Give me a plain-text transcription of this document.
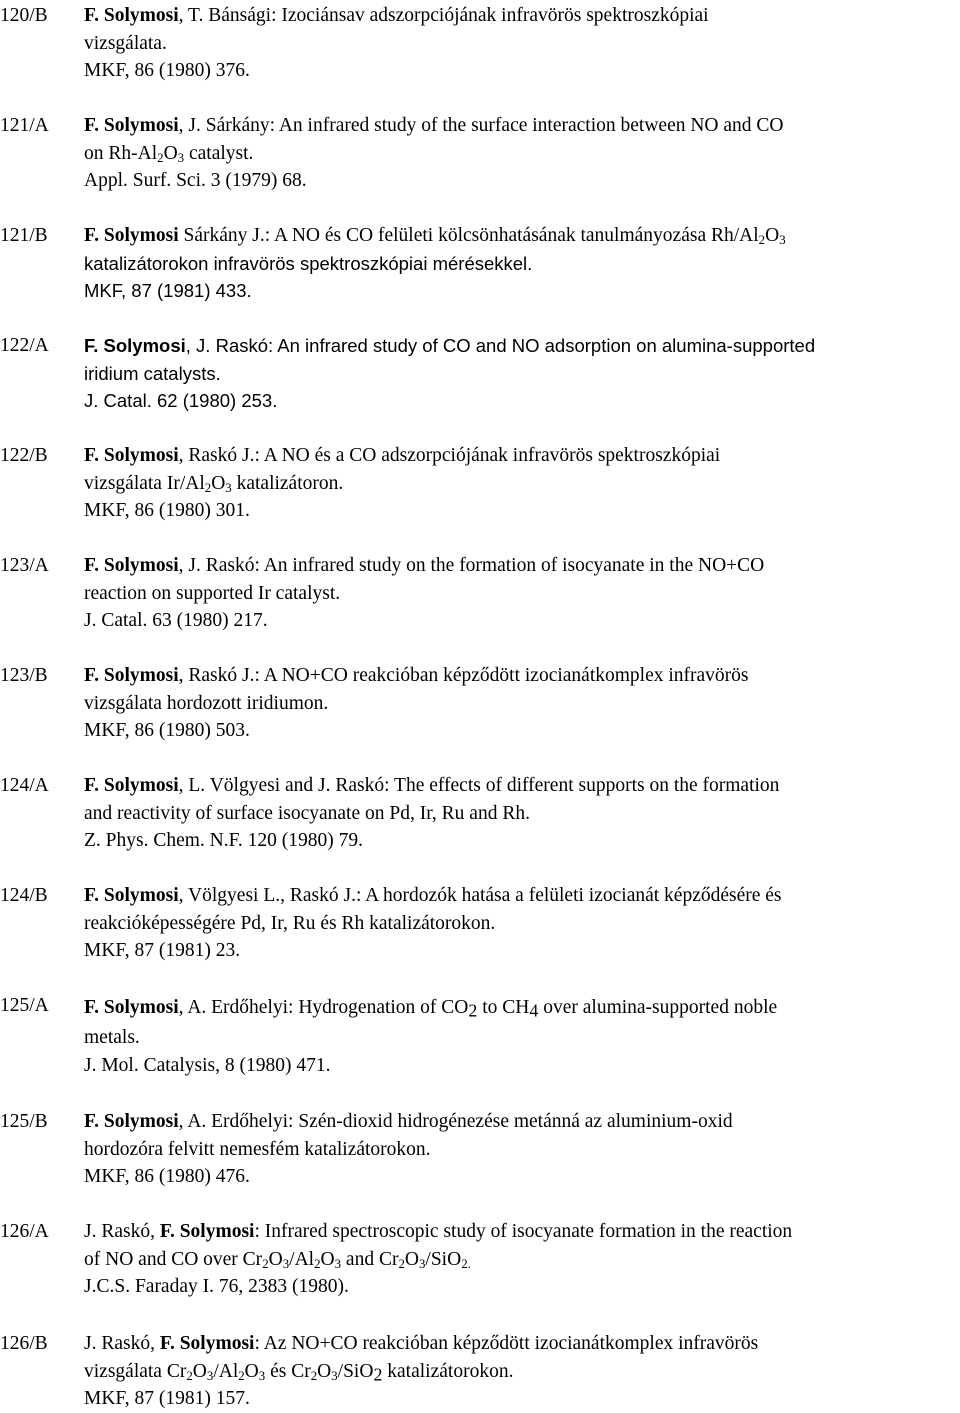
120/B F. Solymosi, T. Bánsági: Izociánsav adszorpciójának infravörös spektroszkópiai
vizsgálata.
MKF, 86 (1980) 376.
121/A F. Solymosi, J. Sárkány: An infrared study of the surface interaction between NO and CO
on $Rh-Al_2O_3$ catalyst.
Appl. Surf. Sci. 3 (1979) 68.
121/B F. Solymosi Sárkány J.: A NO és CO felületi kölcsönhatásának tanulmányozása $Rh/Al_2O_3$
katalizátorokon infravörös spektroszkópiai mérésekkel.
MKF, 87 (1981) 433.
122/A F. Solymosi, J. Raskó: An infrared study of CO and NO adsorption on alumina-supported
iridium catalysts.
J. Catal. 62 (1980) 253.
122/B F. Solymosi, Raskó J.: A NO és a CO adszorpciójának infravörös spektroszkópiai
vizsgálata $Ir/Al_2O_3$ katalizátoron.
MKF, 86 (1980) 301.
123/A F. Solymosi, J. Raskó: An infrared study on the formation of isocyanate in the NO+CO
reaction on supported Ir catalyst.
J. Catal. 63 (1980) 217.
123/B F. Solymosi, Raskó J.: A NO+CO reakcióban képződött izocianátkomplex infravörös
vizsgálata hordozott iridiumon.
MKF, 86 (1980) 503.
124/A F. Solymosi, L. Völgyesi and J. Raskó: The effects of different supports on the formation
and reactivity of surface isocyanate on Pd, Ir, Ru and Rh.
Z. Phys. Chem. N.F. 120 (1980) 79.
124/B F. Solymosi, Völgyesi L., Raskó J.: A hordozók hatása a felületi izocianát képződésére és
reakcióképességére Pd, Ir, Ru és Rh katalizátorokon.
MKF, 87 (1981) 23.
125/A F. Solymosi, A. Erdőhelyi: Hydrogenation of $CO_2$ to $CH_4$ over alumina-supported noble
metals.
J. Mol. Catalysis, 8 (1980) 471.
125/B F. Solymosi, A. Erdőhelyi: Szén-dioxid hidrogénezése metánná az aluminium-oxid
hordozóra felvitt nemesfém katalizátorokon.
MKF, 86 (1980) 476.
126/A J. Raskó, F. Solymosi: Infrared spectroscopic study of isocyanate formation in the reaction
of NO and CO over $Cr_2O_3/Al_2O_3$ and $Cr_2O_3/SiO_{2.}$
J.C.S. Faraday I. 76, 2383 (1980).
126/B J. Raskó, F. Solymosi: Az NO+CO reakcióban képződött izocianátkomplex infravörös
vizsgálata $Cr_2O_3/Al_2O_3$ és $Cr_2O_3/SiO_2$ katalizátorokon.
MKF, 87 (1981) 157.
